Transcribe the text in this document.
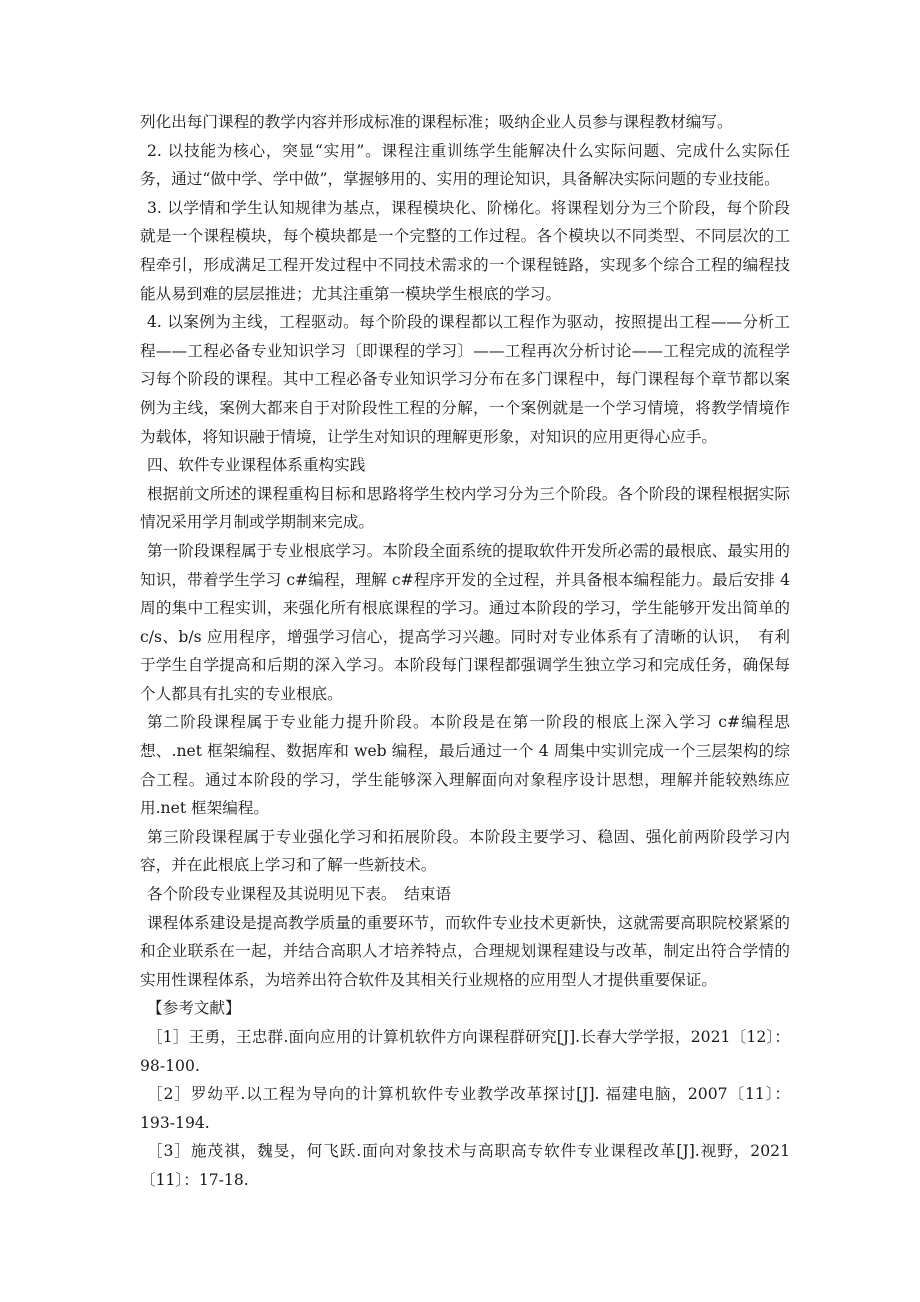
列化出每门课程的教学内容并形成标准的课程标准；吸纳企业人员参与课程教材编写。

2. 以技能为核心，突显“实用”。课程注重训练学生能解决什么实际问题、完成什么实际任务，通过“做中学、学中做”，掌握够用的、实用的理论知识，具备解决实际问题的专业技能。

3. 以学情和学生认知规律为基点，课程模块化、阶梯化。将课程划分为三个阶段，每个阶段就是一个课程模块，每个模块都是一个完整的工作过程。各个模块以不同类型、不同层次的工程牵引，形成满足工程开发过程中不同技术需求的一个课程链路，实现多个综合工程的编程技能从易到难的层层推进；尤其注重第一模块学生根底的学习。

4. 以案例为主线，工程驱动。每个阶段的课程都以工程作为驱动，按照提出工程——分析工程——工程必备专业知识学习〔即课程的学习〕——工程再次分析讨论——工程完成的流程学习每个阶段的课程。其中工程必备专业知识学习分布在多门课程中，每门课程每个章节都以案例为主线，案例大都来自于对阶段性工程的分解，一个案例就是一个学习情境，将教学情境作为载体，将知识融于情境，让学生对知识的理解更形象，对知识的应用更得心应手。

四、软件专业课程体系重构实践

根据前文所述的课程重构目标和思路将学生校内学习分为三个阶段。各个阶段的课程根据实际情况采用学月制或学期制来完成。

第一阶段课程属于专业根底学习。本阶段全面系统的提取软件开发所必需的最根底、最实用的知识，带着学生学习 c#编程，理解 c#程序开发的全过程，并具备根本编程能力。最后安排 4 周的集中工程实训，来强化所有根底课程的学习。通过本阶段的学习，学生能够开发出简单的 c/s、b/s 应用程序，增强学习信心，提高学习兴趣。同时对专业体系有了清晰的认识，　有利于学生自学提高和后期的深入学习。本阶段每门课程都强调学生独立学习和完成任务，确保每个人都具有扎实的专业根底。

第二阶段课程属于专业能力提升阶段。本阶段是在第一阶段的根底上深入学习 c#编程思想、.net 框架编程、数据库和 web 编程，最后通过一个 4 周集中实训完成一个三层架构的综合工程。通过本阶段的学习，学生能够深入理解面向对象程序设计思想，理解并能较熟练应用.net 框架编程。

第三阶段课程属于专业强化学习和拓展阶段。本阶段主要学习、稳固、强化前两阶段学习内容，并在此根底上学习和了解一些新技术。

各个阶段专业课程及其说明见下表。　结束语

课程体系建设是提高教学质量的重要环节，而软件专业技术更新快，这就需要高职院校紧紧的和企业联系在一起，并结合高职人才培养特点，合理规划课程建设与改革，制定出符合学情的实用性课程体系，为培养出符合软件及其相关行业规格的应用型人才提供重要保证。

【参考文献】

［1］王勇，王忠群.面向应用的计算机软件方向课程群研究[J].长春大学学报，2021〔12〕：98-100.

［2］罗幼平.以工程为导向的计算机软件专业教学改革探讨[J]. 福建电脑，2007〔11〕：193-194.

［3］施茂祺，魏旻，何飞跃.面向对象技术与高职高专软件专业课程改革[J].视野，2021〔11〕：17-18.
